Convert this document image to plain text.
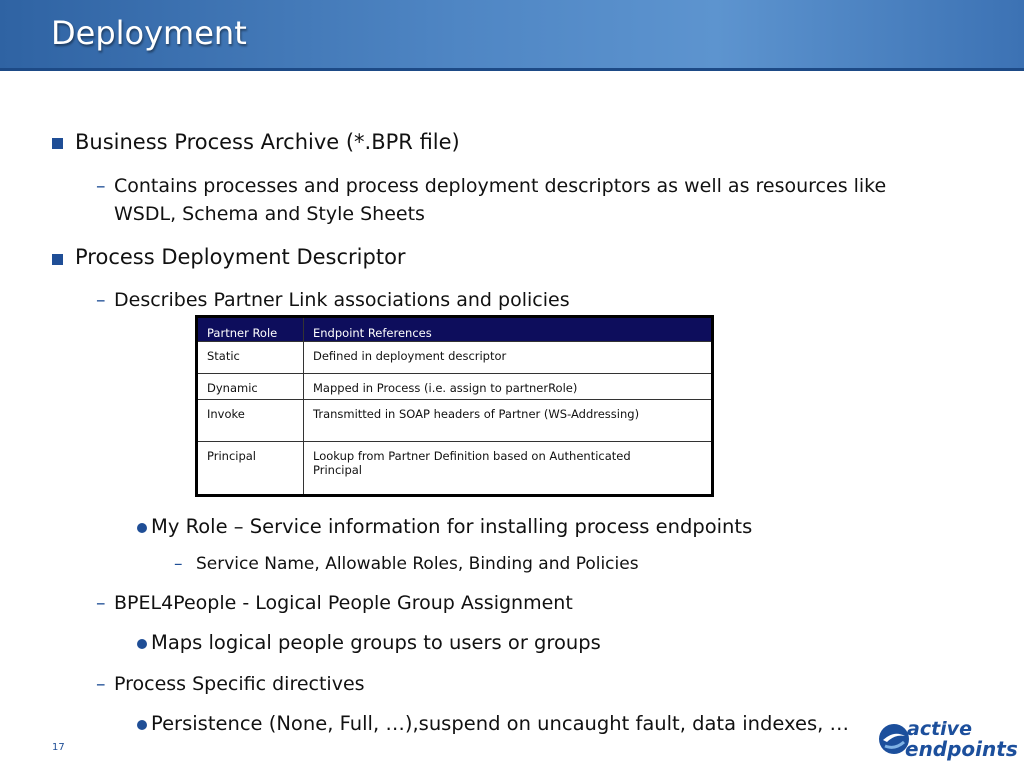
Deployment
Business Process Archive (*.BPR file)
– Contains processes and process deployment descriptors as well as resources like
WSDL, Schema and Style Sheets
Process Deployment Descriptor
– Describes Partner Link associations and policies
Partner Role	Endpoint References
Static	Defined in deployment descriptor
Dynamic	Mapped in Process (i.e. assign to partnerRole)
Invoke	Transmitted in SOAP headers of Partner (WS-Addressing)
Principal	Lookup from Partner Definition based on Authenticated Principal
My Role – Service information for installing process endpoints
– Service Name, Allowable Roles, Binding and Policies
– BPEL4People - Logical People Group Assignment
Maps logical people groups to users or groups
– Process Specific directives
Persistence (None, Full, …),suspend on uncaught fault, data indexes, …
17
active
endpoints
